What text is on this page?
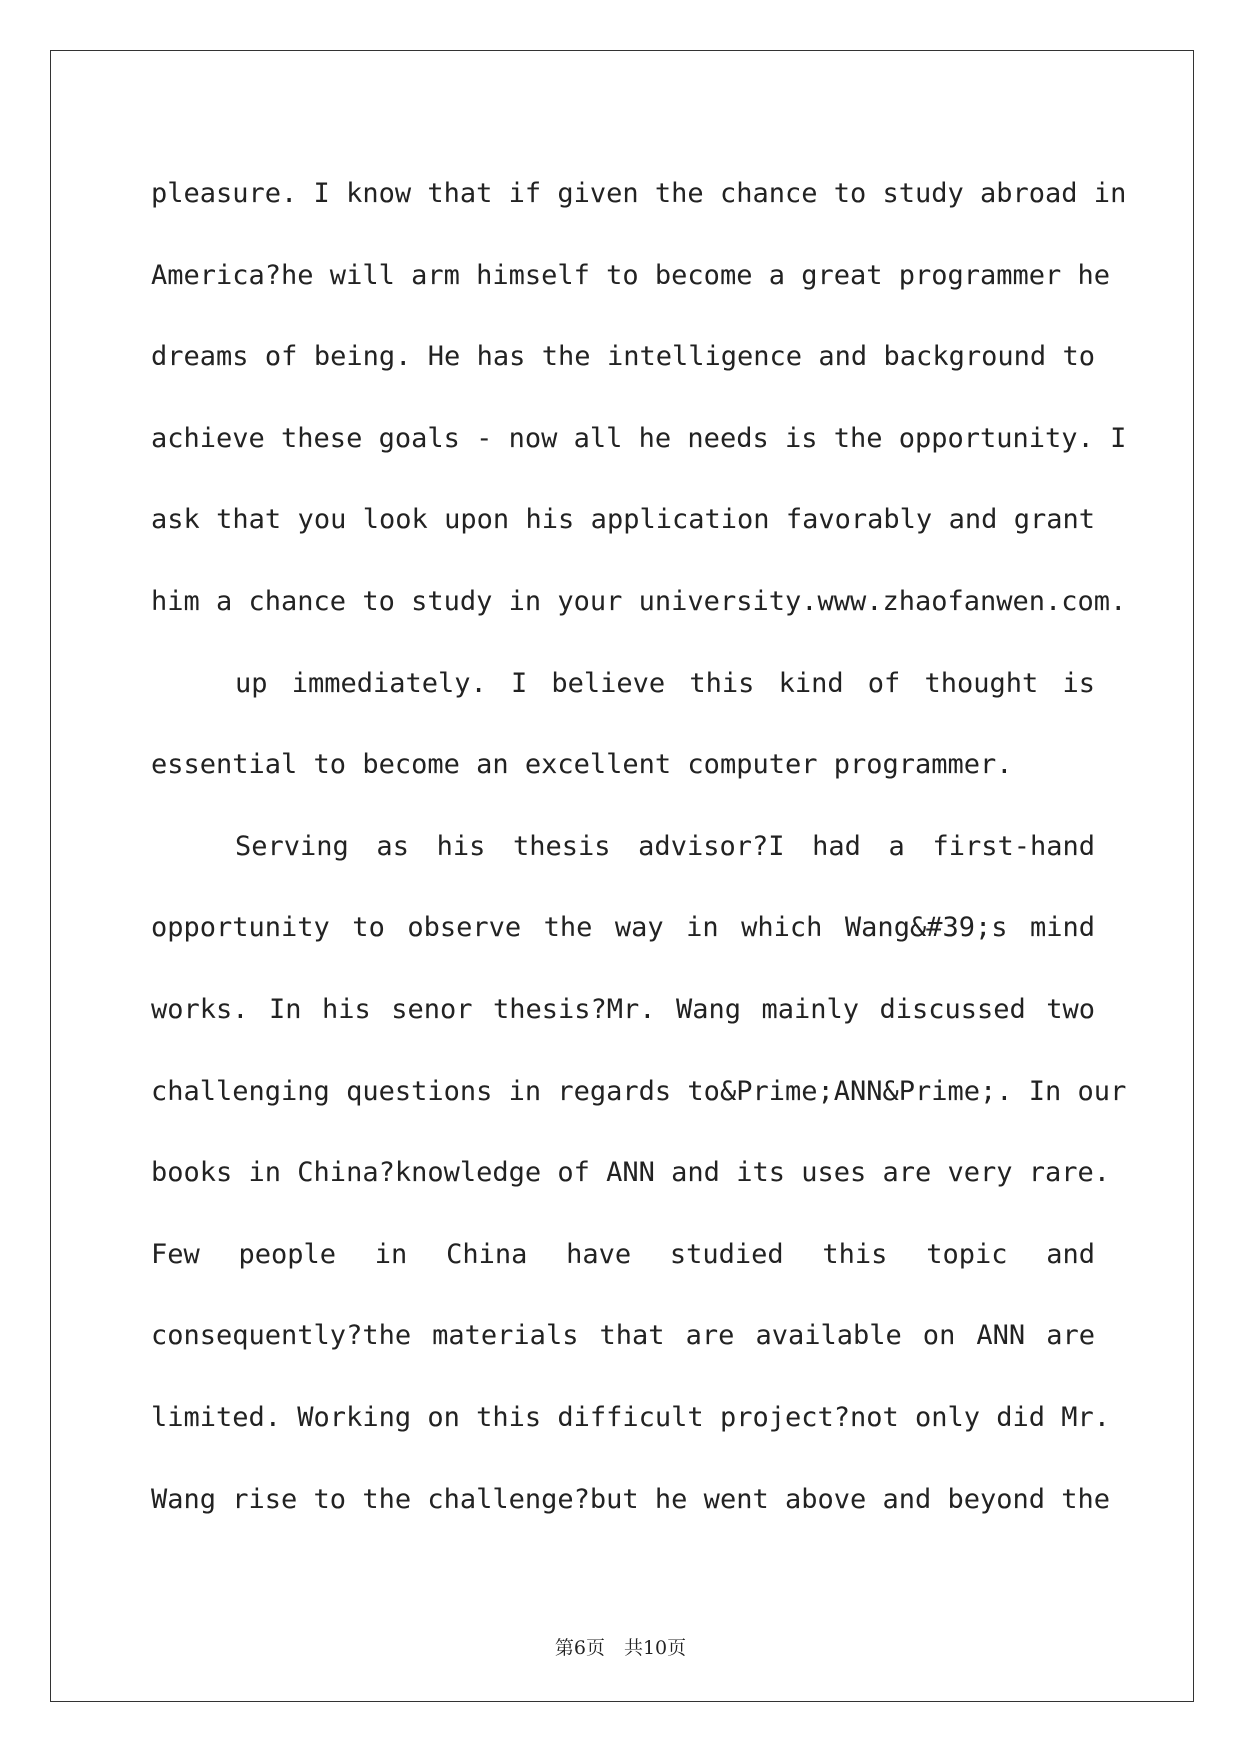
pleasure. I know that if given the chance to study abroad in
America?he will arm himself to become a great programmer he
dreams of being. He has the intelligence and background to
achieve these goals - now all he needs is the opportunity. I
ask that you look upon his application favorably and grant
him a chance to study in your university.www.zhaofanwen.com.
up immediately. I believe this kind of thought is
essential to become an excellent computer programmer.
Serving as his thesis advisor?I had a first-hand
opportunity to observe the way in which Wang&#39;s mind
works. In his senor thesis?Mr. Wang mainly discussed two
challenging questions in regards to&Prime;ANN&Prime;. In our
books in China?knowledge of ANN and its uses are very rare.
Few people in China have studied this topic and
consequently?the materials that are available on ANN are
limited. Working on this difficult project?not only did Mr.
Wang rise to the challenge?but he went above and beyond the
第6页　共10页
